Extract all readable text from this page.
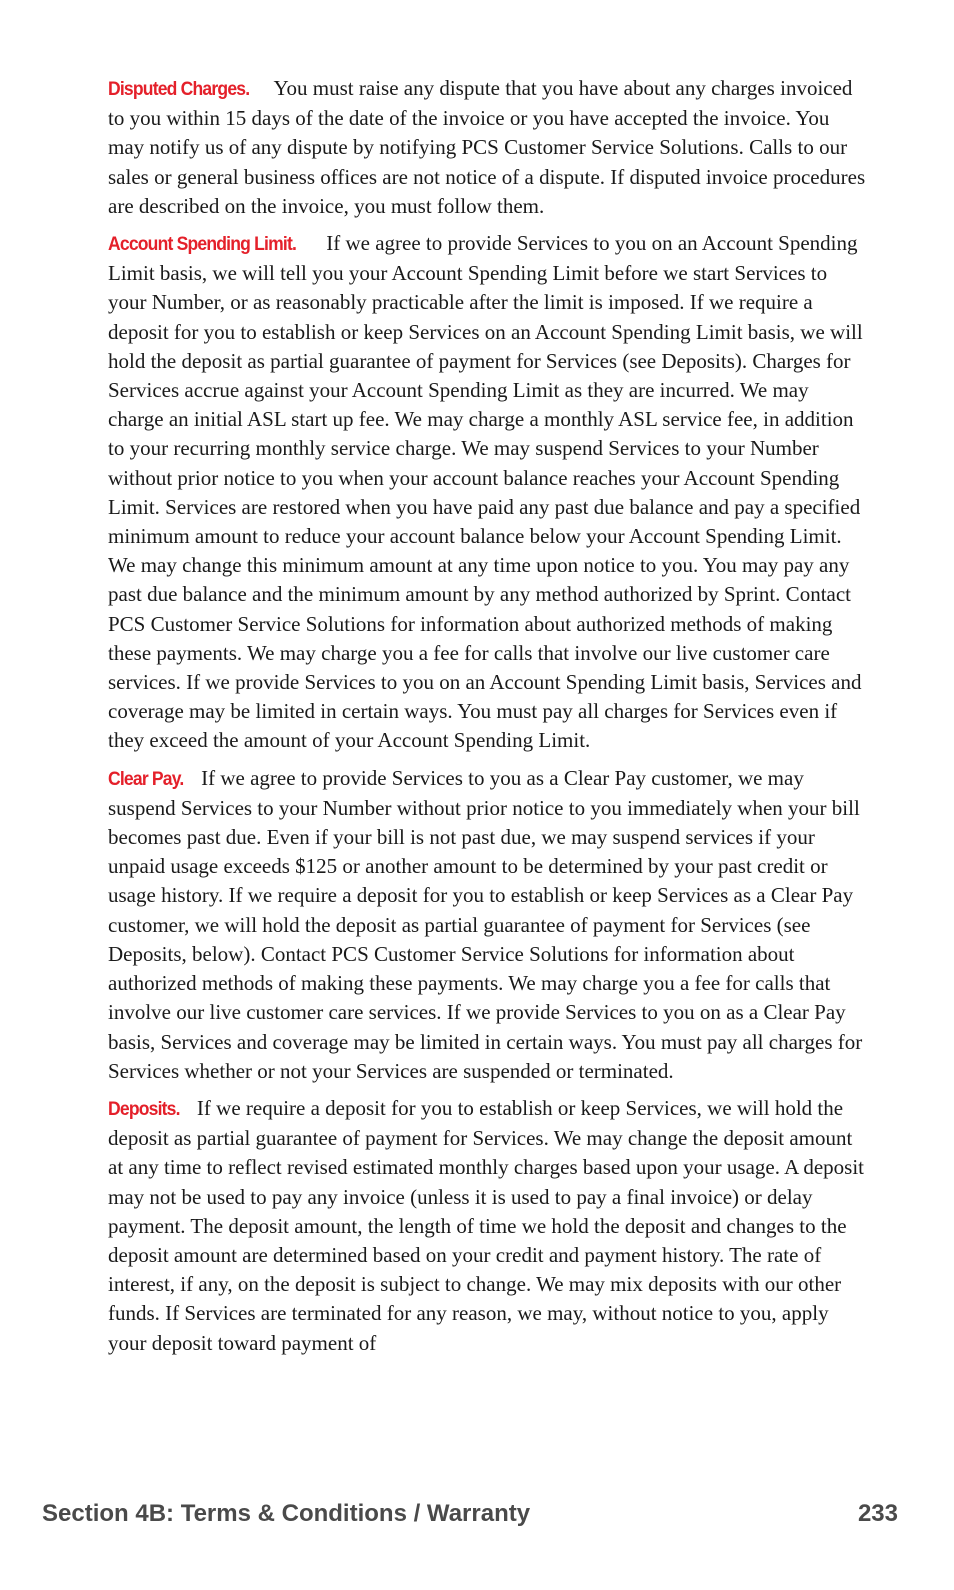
Disputed Charges. You must raise any dispute that you have about any charges invoiced to you within 15 days of the date of the invoice or you have accepted the invoice. You may notify us of any dispute by notifying PCS Customer Service Solutions. Calls to our sales or general business offices are not notice of a dispute. If disputed invoice procedures are described on the invoice, you must follow them.

Account Spending Limit. If we agree to provide Services to you on an Account Spending Limit basis, we will tell you your Account Spending Limit before we start Services to your Number, or as reasonably practicable after the limit is imposed. If we require a deposit for you to establish or keep Services on an Account Spending Limit basis, we will hold the deposit as partial guarantee of payment for Services (see Deposits). Charges for Services accrue against your Account Spending Limit as they are incurred. We may charge an initial ASL start up fee. We may charge a monthly ASL service fee, in addition to your recurring monthly service charge. We may suspend Services to your Number without prior notice to you when your account balance reaches your Account Spending Limit. Services are restored when you have paid any past due balance and pay a specified minimum amount to reduce your account balance below your Account Spending Limit. We may change this minimum amount at any time upon notice to you. You may pay any past due balance and the minimum amount by any method authorized by Sprint. Contact PCS Customer Service Solutions for information about authorized methods of making these payments. We may charge you a fee for calls that involve our live customer care services. If we provide Services to you on an Account Spending Limit basis, Services and coverage may be limited in certain ways. You must pay all charges for Services even if they exceed the amount of your Account Spending Limit.

Clear Pay. If we agree to provide Services to you as a Clear Pay customer, we may suspend Services to your Number without prior notice to you immediately when your bill becomes past due. Even if your bill is not past due, we may suspend services if your unpaid usage exceeds $125 or another amount to be determined by your past credit or usage history. If we require a deposit for you to establish or keep Services as a Clear Pay customer, we will hold the deposit as partial guarantee of payment for Services (see Deposits, below). Contact PCS Customer Service Solutions for information about authorized methods of making these payments. We may charge you a fee for calls that involve our live customer care services. If we provide Services to you on as a Clear Pay basis, Services and coverage may be limited in certain ways. You must pay all charges for Services whether or not your Services are suspended or terminated.

Deposits. If we require a deposit for you to establish or keep Services, we will hold the deposit as partial guarantee of payment for Services. We may change the deposit amount at any time to reflect revised estimated monthly charges based upon your usage. A deposit may not be used to pay any invoice (unless it is used to pay a final invoice) or delay payment. The deposit amount, the length of time we hold the deposit and changes to the deposit amount are determined based on your credit and payment history. The rate of interest, if any, on the deposit is subject to change. We may mix deposits with our other funds. If Services are terminated for any reason, we may, without notice to you, apply your deposit toward payment of

Section 4B: Terms & Conditions / Warranty	233
